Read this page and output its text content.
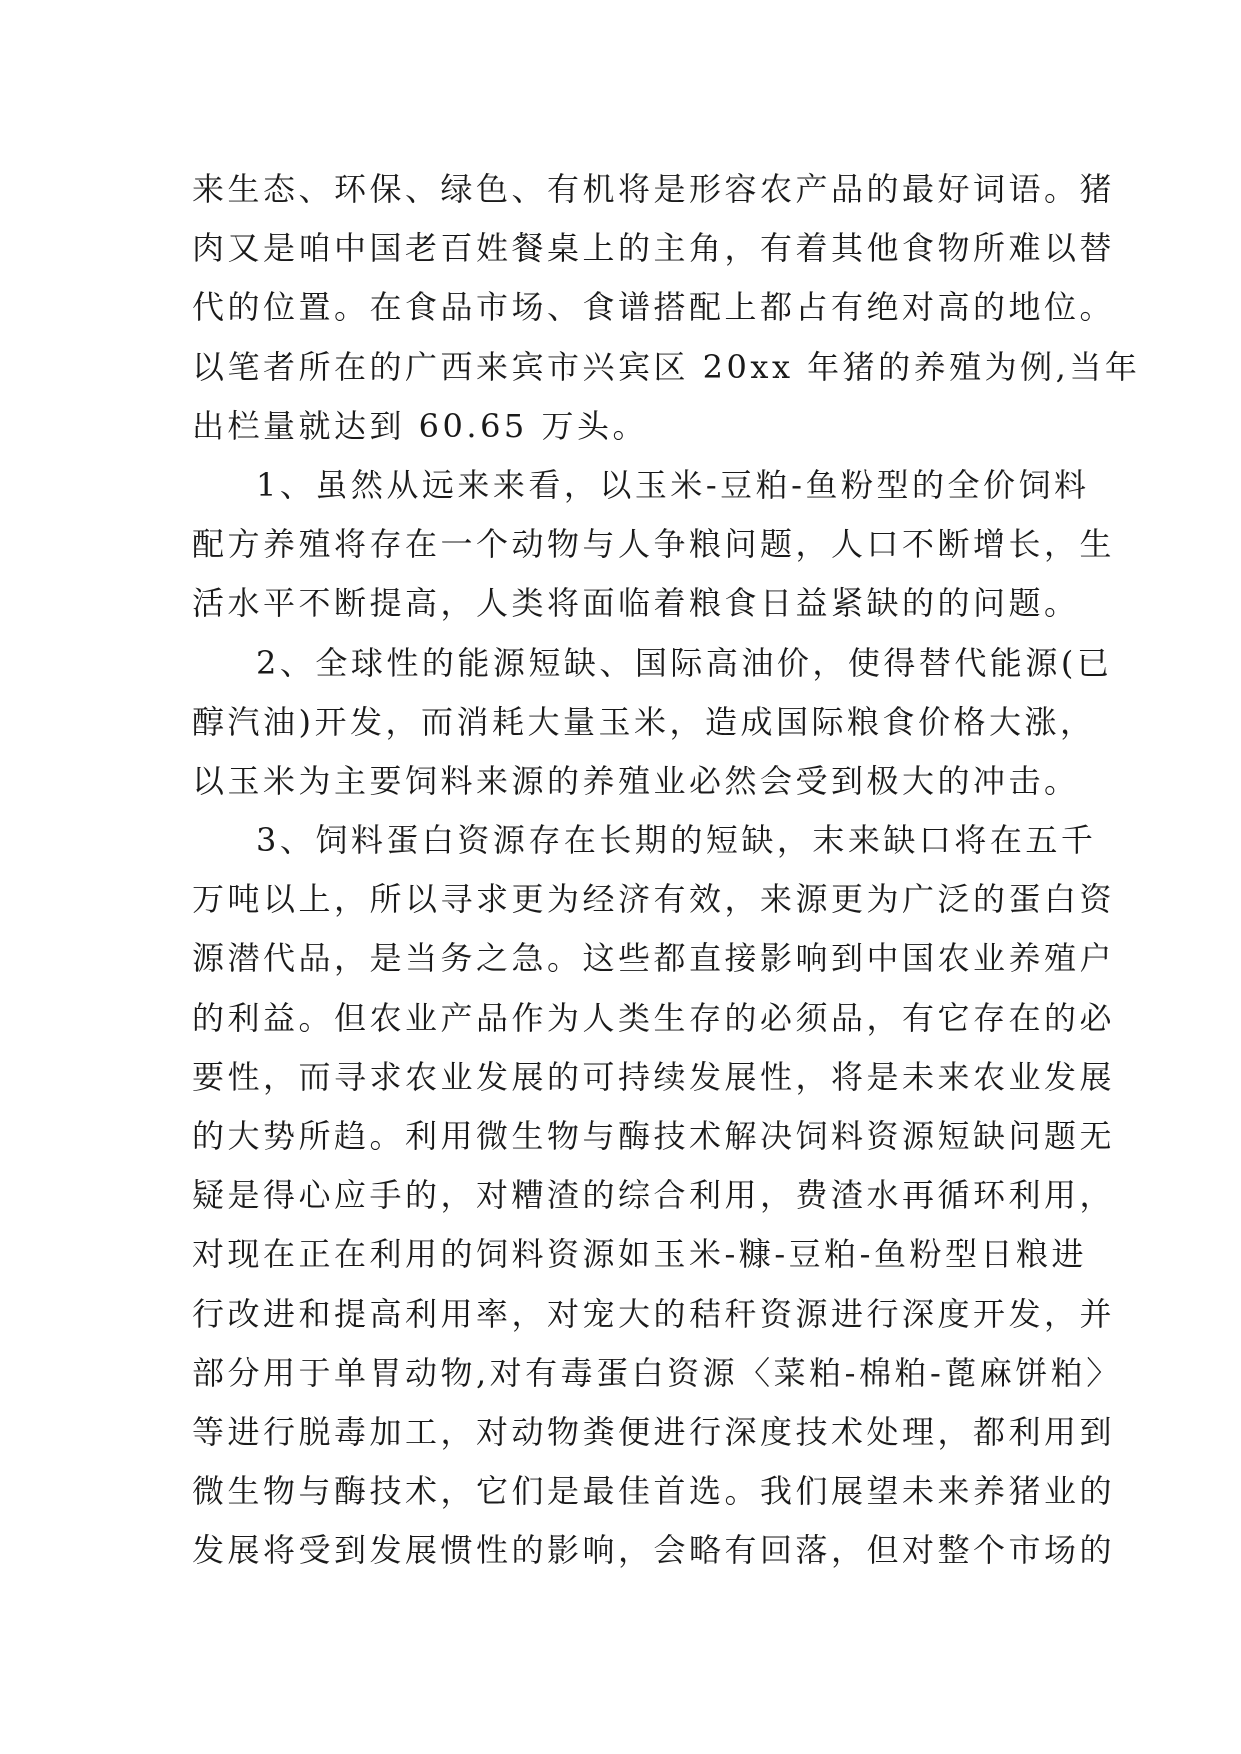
来生态、环保、绿色、有机将是形容农产品的最好词语。猪
肉又是咱中国老百姓餐桌上的主角，有着其他食物所难以替
代的位置。在食品市场、食谱搭配上都占有绝对高的地位。
以笔者所在的广西来宾市兴宾区 20xx 年猪的养殖为例,当年
出栏量就达到 60.65 万头。
1、虽然从远来来看，以玉米-豆粕-鱼粉型的全价饲料
配方养殖将存在一个动物与人争粮问题，人口不断增长，生
活水平不断提高，人类将面临着粮食日益紧缺的的问题。
2、全球性的能源短缺、国际高油价，使得替代能源(已
醇汽油)开发，而消耗大量玉米，造成国际粮食价格大涨，
以玉米为主要饲料来源的养殖业必然会受到极大的冲击。
3、饲料蛋白资源存在长期的短缺，末来缺口将在五千
万吨以上，所以寻求更为经济有效，来源更为广泛的蛋白资
源潜代品，是当务之急。这些都直接影响到中国农业养殖户
的利益。但农业产品作为人类生存的必须品，有它存在的必
要性，而寻求农业发展的可持续发展性，将是未来农业发展
的大势所趋。利用微生物与酶技术解决饲料资源短缺问题无
疑是得心应手的，对糟渣的综合利用，费渣水再循环利用，
对现在正在利用的饲料资源如玉米-糠-豆粕-鱼粉型日粮进
行改进和提高利用率，对宠大的秸秆资源进行深度开发，并
部分用于单胃动物,对有毒蛋白资源〈菜粕-棉粕-蓖麻饼粕〉
等进行脱毒加工，对动物粪便进行深度技术处理，都利用到
微生物与酶技术，它们是最佳首选。我们展望未来养猪业的
发展将受到发展惯性的影响，会略有回落，但对整个市场的
